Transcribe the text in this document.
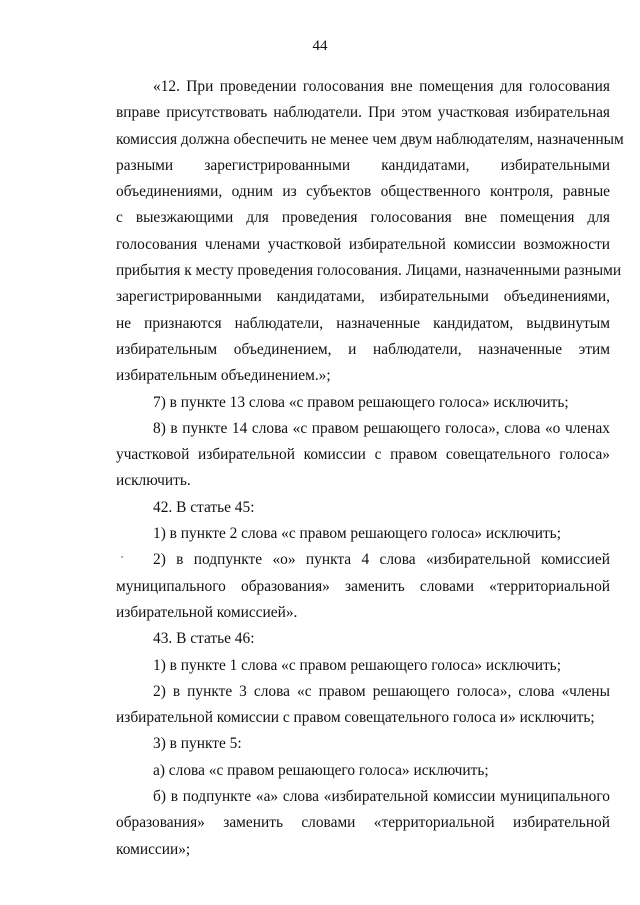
44
«12. При проведении голосования вне помещения для голосования
вправе присутствовать наблюдатели. При этом участковая избирательная
комиссия должна обеспечить не менее чем двум наблюдателям, назначенным
разными зарегистрированными кандидатами, избирательными
объединениями, одним из субъектов общественного контроля, равные
с выезжающими для проведения голосования вне помещения для
голосования членами участковой избирательной комиссии возможности
прибытия к месту проведения голосования. Лицами, назначенными разными
зарегистрированными кандидатами, избирательными объединениями,
не признаются наблюдатели, назначенные кандидатом, выдвинутым
избирательным объединением, и наблюдатели, назначенные этим
избирательным объединением.»;
7) в пункте 13 слова «с правом решающего голоса» исключить;
8) в пункте 14 слова «с правом решающего голоса», слова «о членах
участковой избирательной комиссии с правом совещательного голоса»
исключить.
42. В статье 45:
1) в пункте 2 слова «с правом решающего голоса» исключить;
2) в подпункте «о» пункта 4 слова «избирательной комиссией
муниципального образования» заменить словами «территориальной
избирательной комиссией».
43. В статье 46:
1) в пункте 1 слова «с правом решающего голоса» исключить;
2) в пункте 3 слова «с правом решающего голоса», слова «члены
избирательной комиссии с правом совещательного голоса и» исключить;
3) в пункте 5:
а) слова «с правом решающего голоса» исключить;
б) в подпункте «а» слова «избирательной комиссии муниципального
образования» заменить словами «территориальной избирательной
комиссии»;
